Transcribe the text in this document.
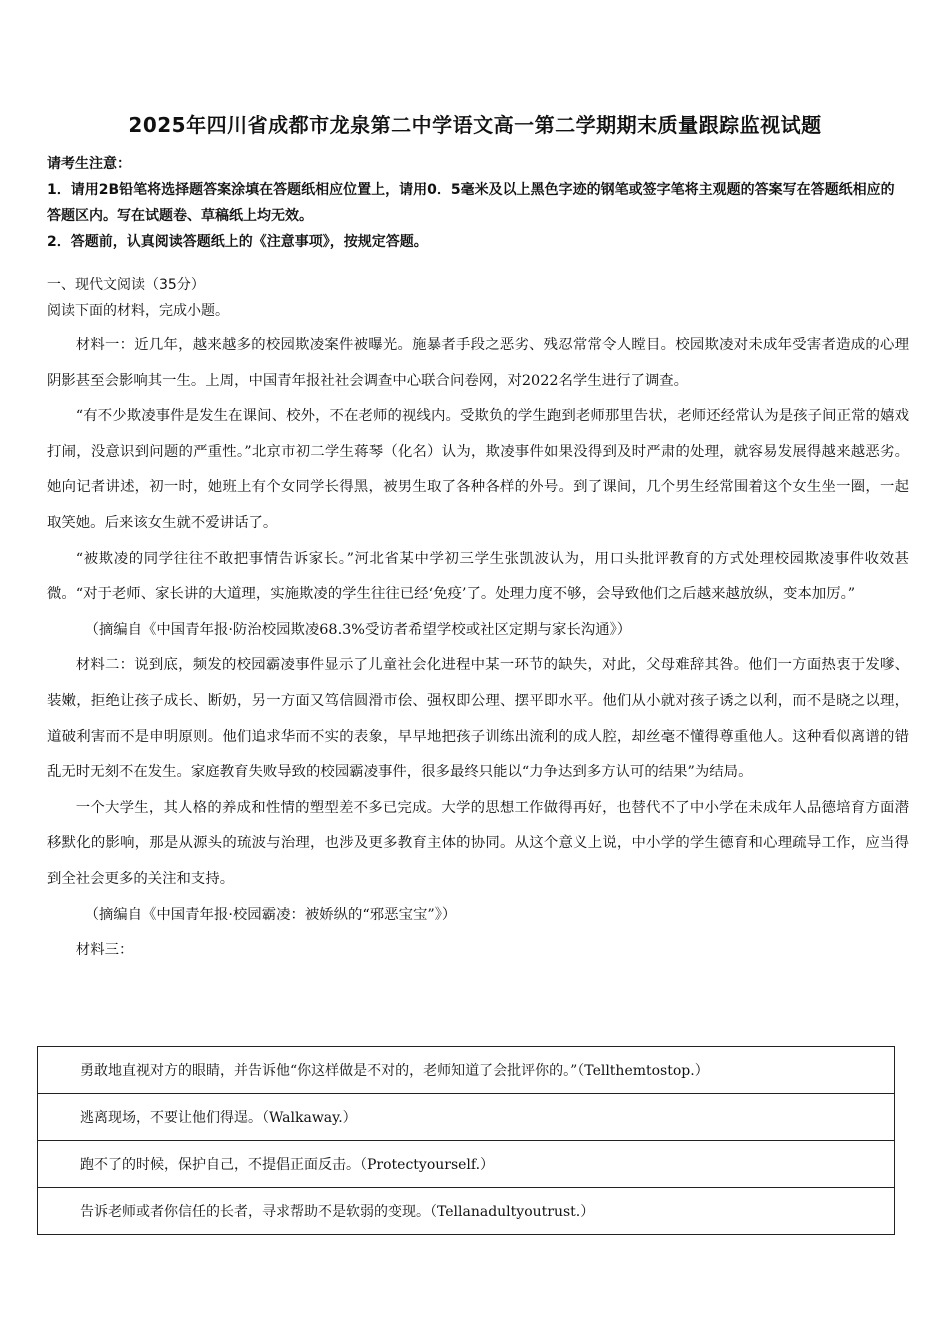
2025年四川省成都市龙泉第二中学语文高一第二学期期末质量跟踪监视试题

请考生注意：

1．请用2B铅笔将选择题答案涂填在答题纸相应位置上，请用0．5毫米及以上黑色字迹的钢笔或签字笔将主观题的答案写在答题纸相应的答题区内。写在试题卷、草稿纸上均无效。

2．答题前，认真阅读答题纸上的《注意事项》，按规定答题。

一、现代文阅读（35分）

阅读下面的材料，完成小题。

材料一：近几年，越来越多的校园欺凌案件被曝光。施暴者手段之恶劣、残忍常常令人瞠目。校园欺凌对未成年受害者造成的心理阴影甚至会影响其一生。上周，中国青年报社社会调查中心联合问卷网，对2022名学生进行了调查。

“有不少欺凌事件是发生在课间、校外，不在老师的视线内。受欺负的学生跑到老师那里告状，老师还经常认为是孩子间正常的嬉戏打闹，没意识到问题的严重性。”北京市初二学生蒋琴（化名）认为，欺凌事件如果没得到及时严肃的处理，就容易发展得越来越恶劣。她向记者讲述，初一时，她班上有个女同学长得黑，被男生取了各种各样的外号。到了课间，几个男生经常围着这个女生坐一圈，一起取笑她。后来该女生就不爱讲话了。

“被欺凌的同学往往不敢把事情告诉家长。”河北省某中学初三学生张凯波认为，用口头批评教育的方式处理校园欺凌事件收效甚微。“对于老师、家长讲的大道理，实施欺凌的学生往往已经‘免疫’了。处理力度不够，会导致他们之后越来越放纵，变本加厉。”

（摘编自《中国青年报·防治校园欺凌68.3%受访者希望学校或社区定期与家长沟通》）

材料二：说到底，频发的校园霸凌事件显示了儿童社会化进程中某一环节的缺失，对此，父母难辞其咎。他们一方面热衷于发嗲、装嫩，拒绝让孩子成长、断奶，另一方面又笃信圆滑市侩、强权即公理、摆平即水平。他们从小就对孩子诱之以利，而不是晓之以理，道破利害而不是申明原则。他们追求华而不实的表象，早早地把孩子训练出流利的成人腔，却丝毫不懂得尊重他人。这种看似离谱的错乱无时无刻不在发生。家庭教育失败导致的校园霸凌事件，很多最终只能以“力争达到多方认可的结果”为结局。

一个大学生，其人格的养成和性情的塑型差不多已完成。大学的思想工作做得再好，也替代不了中小学在未成年人品德培育方面潜移默化的影响，那是从源头的琉波与治理，也涉及更多教育主体的协同。从这个意义上说，中小学的学生德育和心理疏导工作，应当得到全社会更多的关注和支持。

（摘编自《中国青年报·校园霸凌：被娇纵的“邪恶宝宝”》）

材料三：

勇敢地直视对方的眼睛，并告诉他“你这样做是不对的，老师知道了会批评你的。”（Tellthemtostop.）
逃离现场，不要让他们得逞。（Walkaway.）
跑不了的时候，保护自己，不提倡正面反击。（Protectyourself.）
告诉老师或者你信任的长者，寻求帮助不是软弱的变现。（Tellanadultyoutrust.）
